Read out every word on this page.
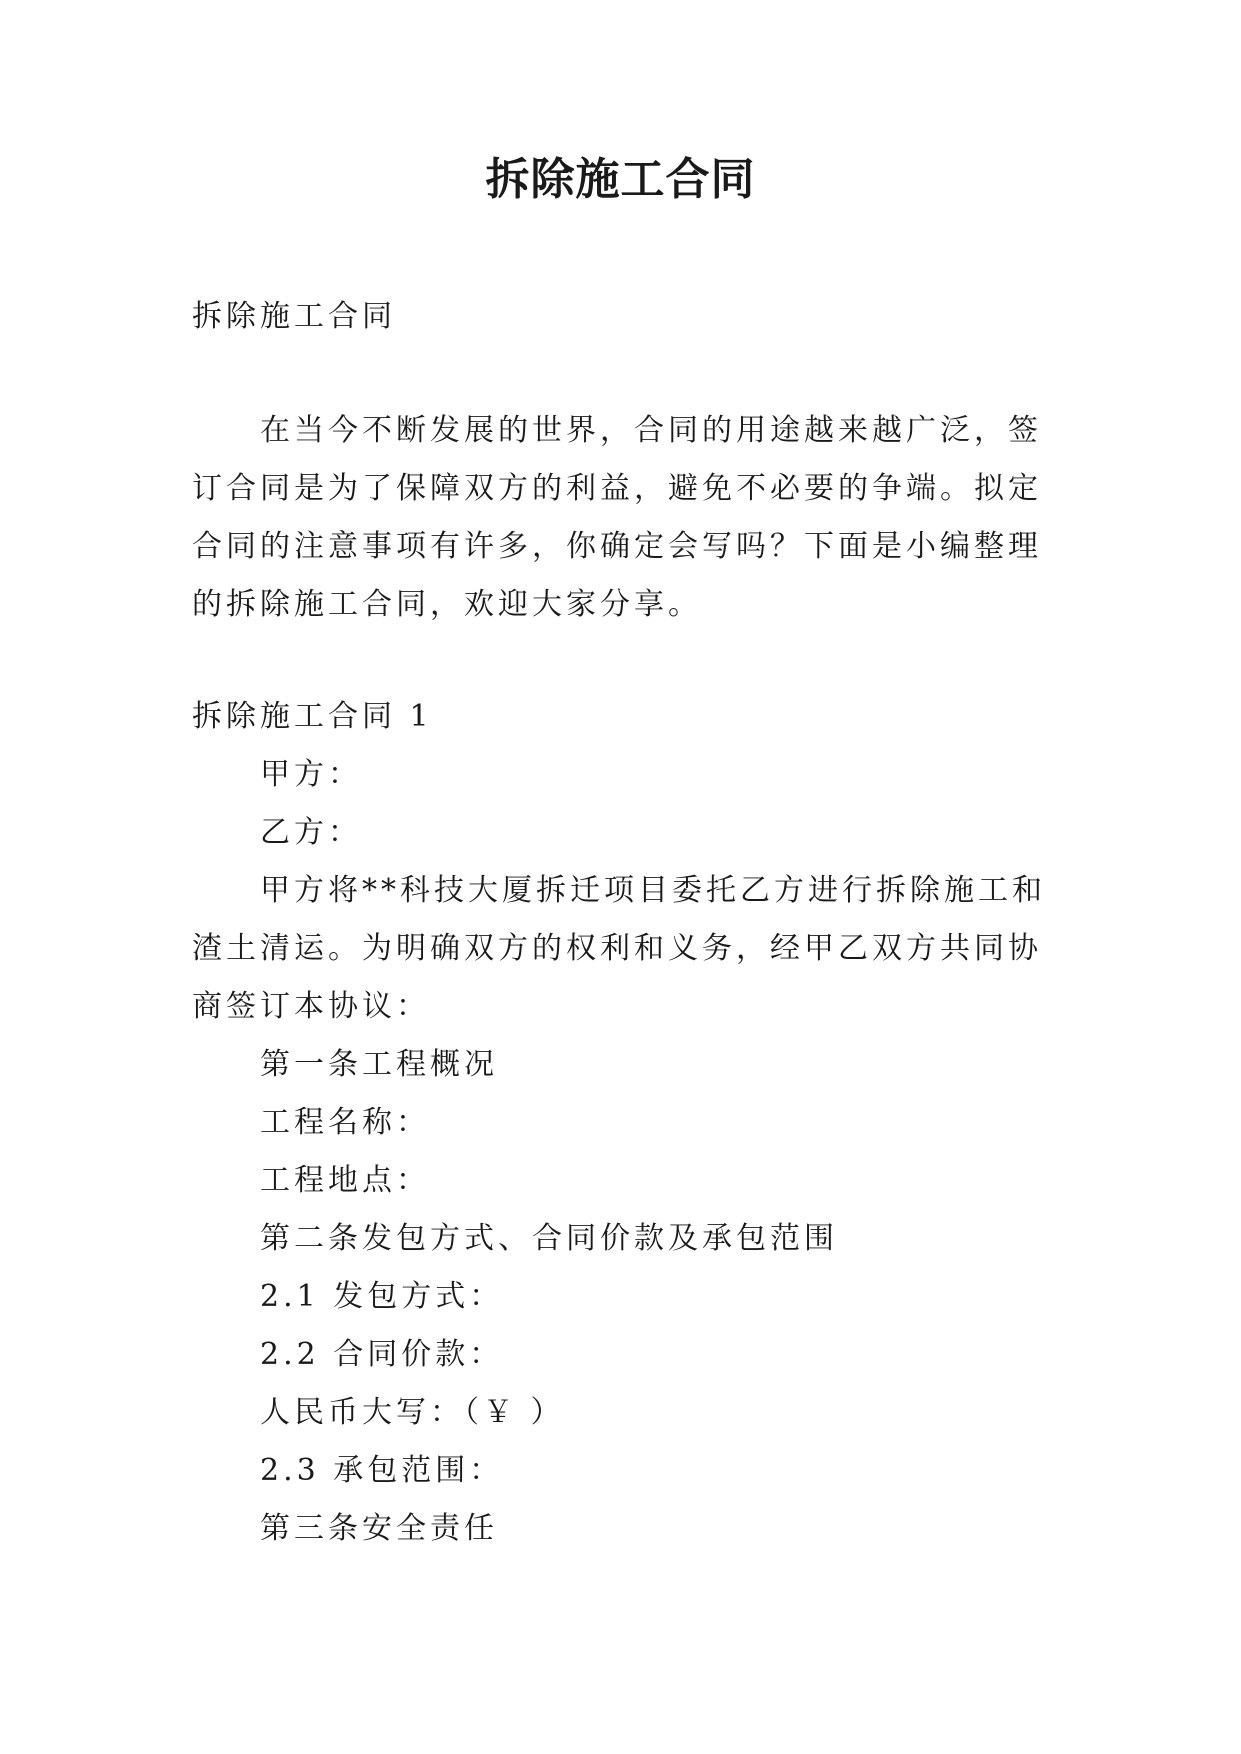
拆除施工合同

拆除施工合同

在当今不断发展的世界，合同的用途越来越广泛，签订合同是为了保障双方的利益，避免不必要的争端。拟定合同的注意事项有许多，你确定会写吗？下面是小编整理的拆除施工合同，欢迎大家分享。

拆除施工合同 1

甲方：

乙方：

甲方将**科技大厦拆迁项目委托乙方进行拆除施工和渣土清运。为明确双方的权利和义务，经甲乙双方共同协商签订本协议：

第一条工程概况

工程名称：

工程地点：

第二条发包方式、合同价款及承包范围

2.1 发包方式：

2.2 合同价款：

人民币大写：（￥ ）

2.3 承包范围：

第三条安全责任
